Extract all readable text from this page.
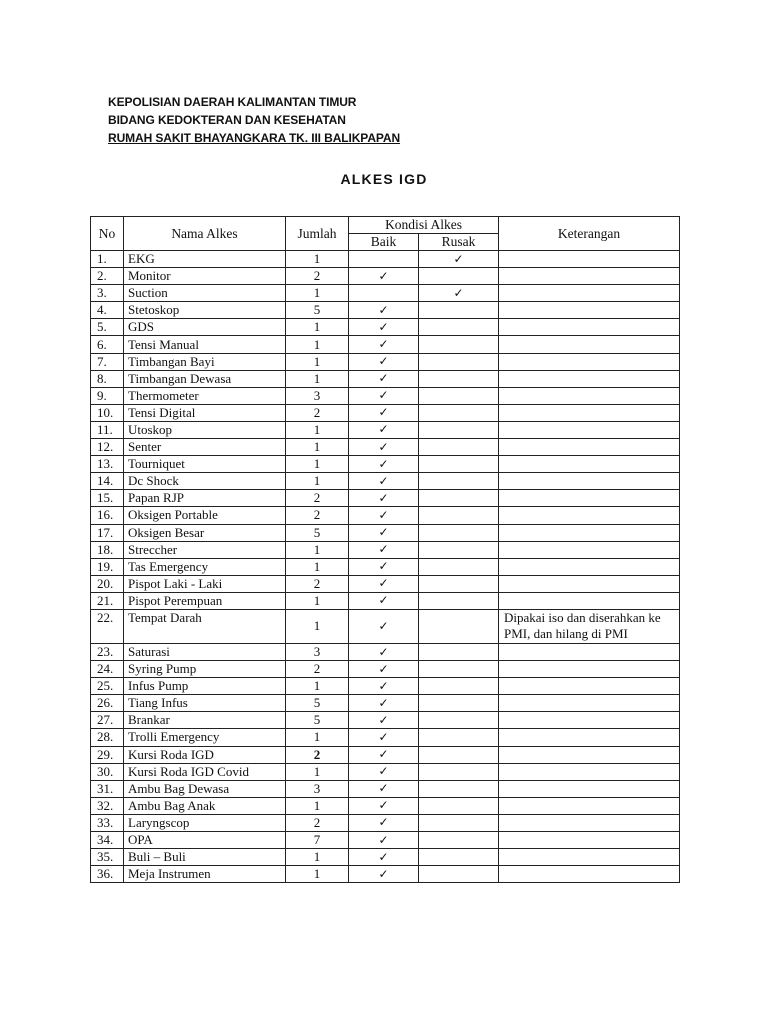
KEPOLISIAN DAERAH KALIMANTAN TIMUR
BIDANG KEDOKTERAN DAN KESEHATAN
RUMAH SAKIT BHAYANGKARA TK. III BALIKPAPAN
ALKES IGD
No	Nama Alkes	Jumlah	Kondisi Alkes		Keterangan
			Baik	Rusak	
1.	EKG	1		✓	
2.	Monitor	2	✓		
3.	Suction	1		✓	
4.	Stetoskop	5	✓		
5.	GDS	1	✓		
6.	Tensi Manual	1	✓		
7.	Timbangan Bayi	1	✓		
8.	Timbangan Dewasa	1	✓		
9.	Thermometer	3	✓		
10.	Tensi Digital	2	✓		
11.	Utoskop	1	✓		
12.	Senter	1	✓		
13.	Tourniquet	1	✓		
14.	Dc Shock	1	✓		
15.	Papan RJP	2	✓		
16.	Oksigen Portable	2	✓		
17.	Oksigen Besar	5	✓		
18.	Streccher	1	✓		
19.	Tas Emergency	1	✓		
20.	Pispot Laki - Laki	2	✓		
21.	Pispot Perempuan	1	✓		
22.	Tempat Darah	1	✓		Dipakai iso dan diserahkan ke PMI, dan hilang di PMI
23.	Saturasi	3	✓		
24.	Syring Pump	2	✓		
25.	Infus Pump	1	✓		
26.	Tiang Infus	5	✓		
27.	Brankar	5	✓		
28.	Trolli Emergency	1	✓		
29.	Kursi Roda IGD	2	✓		
30.	Kursi Roda IGD Covid	1	✓		
31.	Ambu Bag Dewasa	3	✓		
32.	Ambu Bag Anak	1	✓		
33.	Laryngscop	2	✓		
34.	OPA	7	✓		
35.	Buli – Buli	1	✓		
36.	Meja Instrumen	1	✓		
